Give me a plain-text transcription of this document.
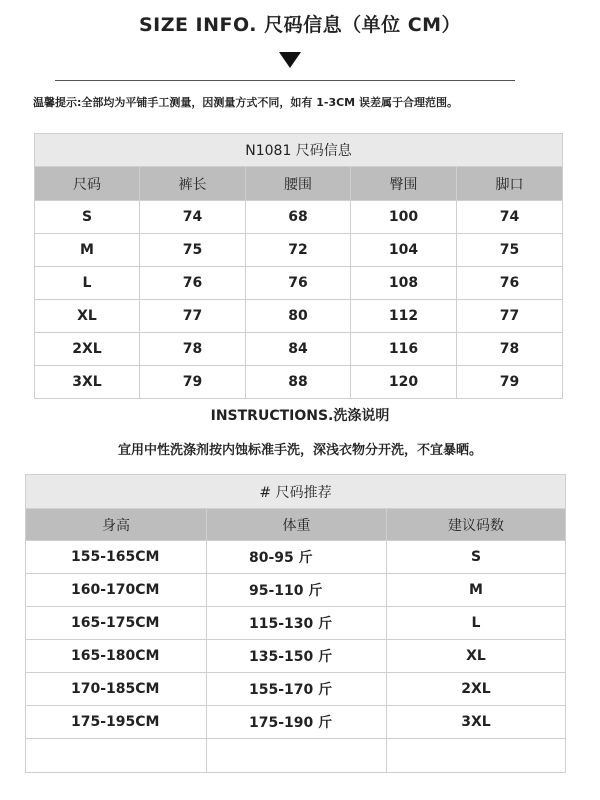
SIZE INFO. 尺码信息（单位 CM）
温馨提示:全部均为平铺手工测量，因测量方式不同，如有 1-3CM 误差属于合理范围。
N1081 尺码信息				
尺码	裤长	腰围	臀围	脚口
S	74	68	100	74
M	75	72	104	75
L	76	76	108	76
XL	77	80	112	77
2XL	78	84	116	78
3XL	79	88	120	79
INSTRUCTIONS.洗涤说明
宜用中性洗涤剂按内蚀标准手洗，深浅衣物分开洗，不宜暴晒。
# 尺码推荐		
身高	体重	建议码数
155-165CM	80-95 斤	S
160-170CM	95-110 斤	M
165-175CM	115-130 斤	L
165-180CM	135-150 斤	XL
170-185CM	155-170 斤	2XL
175-195CM	175-190 斤	3XL
